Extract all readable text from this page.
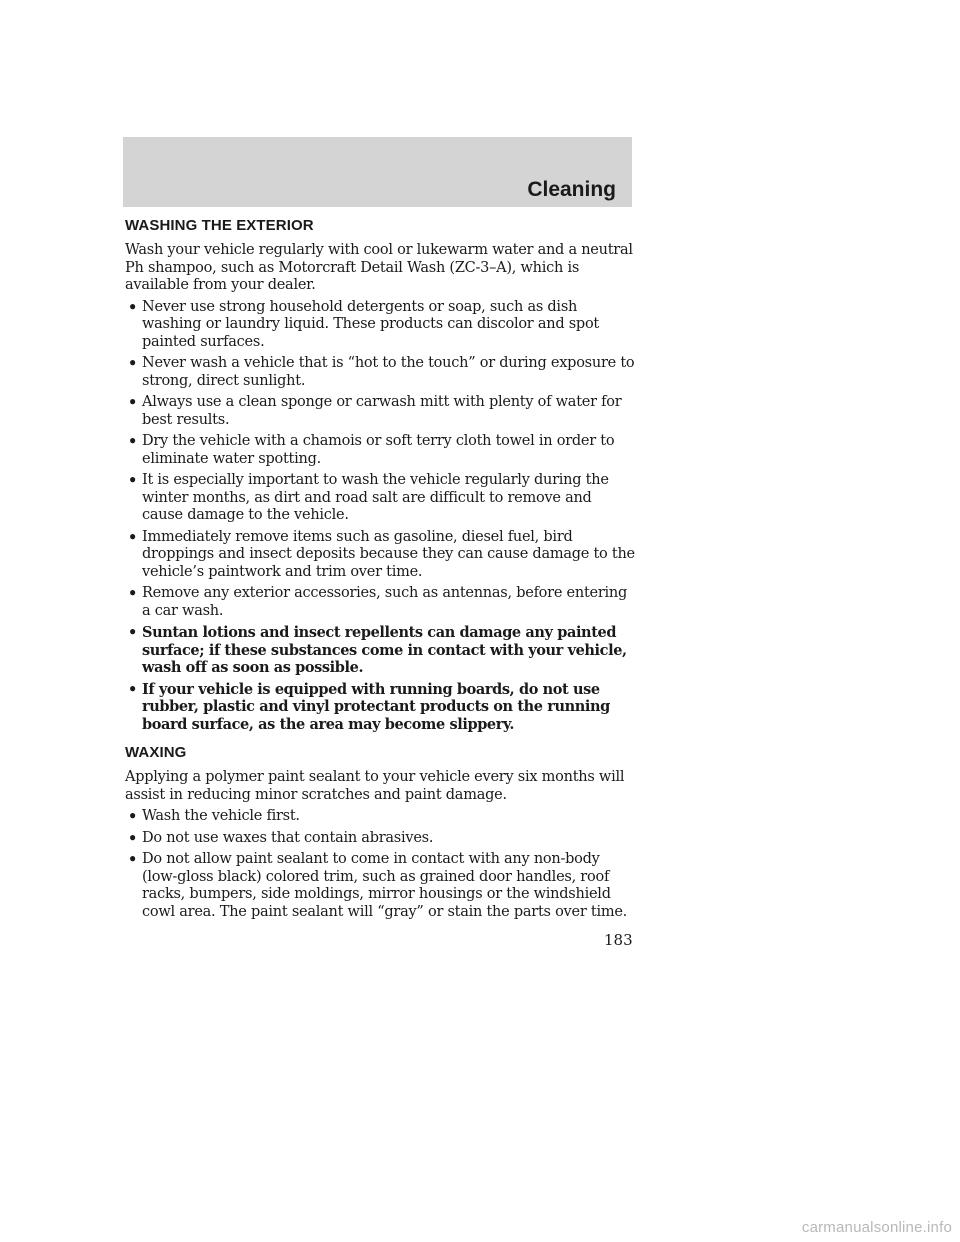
Cleaning
WASHING THE EXTERIOR

Wash your vehicle regularly with cool or lukewarm water and a neutral Ph shampoo, such as Motorcraft Detail Wash (ZC-3–A), which is available from your dealer.

• Never use strong household detergents or soap, such as dish washing or laundry liquid. These products can discolor and spot painted surfaces.
• Never wash a vehicle that is “hot to the touch” or during exposure to strong, direct sunlight.
• Always use a clean sponge or carwash mitt with plenty of water for best results.
• Dry the vehicle with a chamois or soft terry cloth towel in order to eliminate water spotting.
• It is especially important to wash the vehicle regularly during the winter months, as dirt and road salt are difficult to remove and cause damage to the vehicle.
• Immediately remove items such as gasoline, diesel fuel, bird droppings and insect deposits because they can cause damage to the vehicle’s paintwork and trim over time.
• Remove any exterior accessories, such as antennas, before entering a car wash.
• Suntan lotions and insect repellents can damage any painted surface; if these substances come in contact with your vehicle, wash off as soon as possible.
• If your vehicle is equipped with running boards, do not use rubber, plastic and vinyl protectant products on the running board surface, as the area may become slippery.
WAXING

Applying a polymer paint sealant to your vehicle every six months will assist in reducing minor scratches and paint damage.

• Wash the vehicle first.
• Do not use waxes that contain abrasives.
• Do not allow paint sealant to come in contact with any non-body (low-gloss black) colored trim, such as grained door handles, roof racks, bumpers, side moldings, mirror housings or the windshield cowl area. The paint sealant will “gray” or stain the parts over time.
183
carmanualsonline.info
